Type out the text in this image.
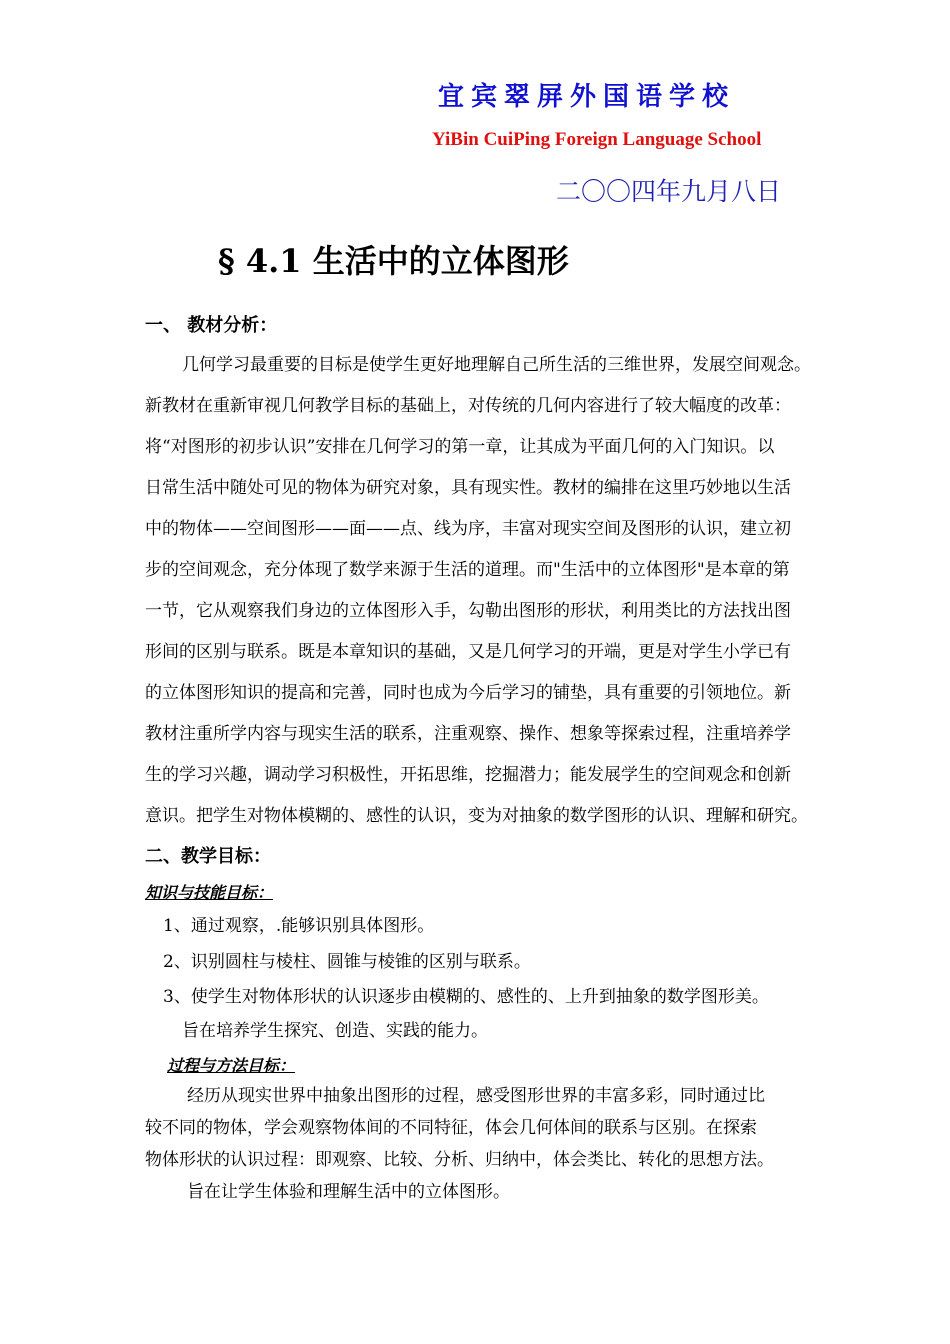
宜宾翠屏外国语学校
YiBin CuiPing Foreign Language School
二〇〇四年九月八日
§ 4.1 生活中的立体图形
一、 教材分析：
几何学习最重要的目标是使学生更好地理解自己所生活的三维世界，发展空间观念。
新教材在重新审视几何教学目标的基础上，对传统的几何内容进行了较大幅度的改革：
将“对图形的初步认识”安排在几何学习的第一章，让其成为平面几何的入门知识。以
日常生活中随处可见的物体为研究对象，具有现实性。教材的编排在这里巧妙地以生活
中的物体——空间图形——面——点、线为序，丰富对现实空间及图形的认识，建立初
步的空间观念，充分体现了数学来源于生活的道理。而"生活中的立体图形"是本章的第
一节，它从观察我们身边的立体图形入手，勾勒出图形的形状，利用类比的方法找出图
形间的区别与联系。既是本章知识的基础，又是几何学习的开端，更是对学生小学已有
的立体图形知识的提高和完善，同时也成为今后学习的铺垫，具有重要的引领地位。新
教材注重所学内容与现实生活的联系，注重观察、操作、想象等探索过程，注重培养学
生的学习兴趣，调动学习积极性，开拓思维，挖掘潜力；能发展学生的空间观念和创新
意识。把学生对物体模糊的、感性的认识，变为对抽象的数学图形的认识、理解和研究。
二、教学目标：
知识与技能目标：
1、通过观察，.能够识别具体图形。
2、识别圆柱与棱柱、圆锥与棱锥的区别与联系。
3、使学生对物体形状的认识逐步由模糊的、感性的、上升到抽象的数学图形美。
旨在培养学生探究、创造、实践的能力。
过程与方法目标：
经历从现实世界中抽象出图形的过程，感受图形世界的丰富多彩，同时通过比
较不同的物体，学会观察物体间的不同特征，体会几何体间的联系与区别。在探索
物体形状的认识过程：即观察、比较、分析、归纳中，体会类比、转化的思想方法。
旨在让学生体验和理解生活中的立体图形。
